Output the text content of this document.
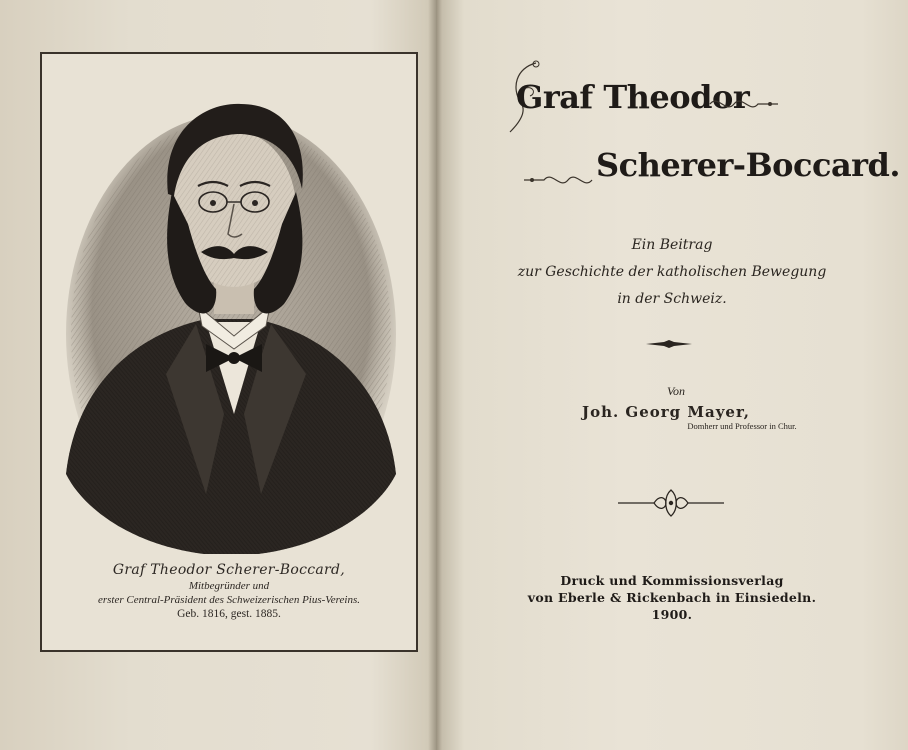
Graf Theodor Scherer-Boccard,
Mitbegründer und
erster Central-Präsident des Schweizerischen Pius-Vereins.
Geb. 1816, gest. 1885.
Graf Theodor
Scherer-Boccard.
Ein Beitrag
zur Geschichte der katholischen Bewegung
in der Schweiz.
Von
Joh. Georg Mayer,
Domherr und Professor in Chur.
Druck und Kommissionsverlag
von Eberle & Rickenbach in Einsiedeln.
1900.
